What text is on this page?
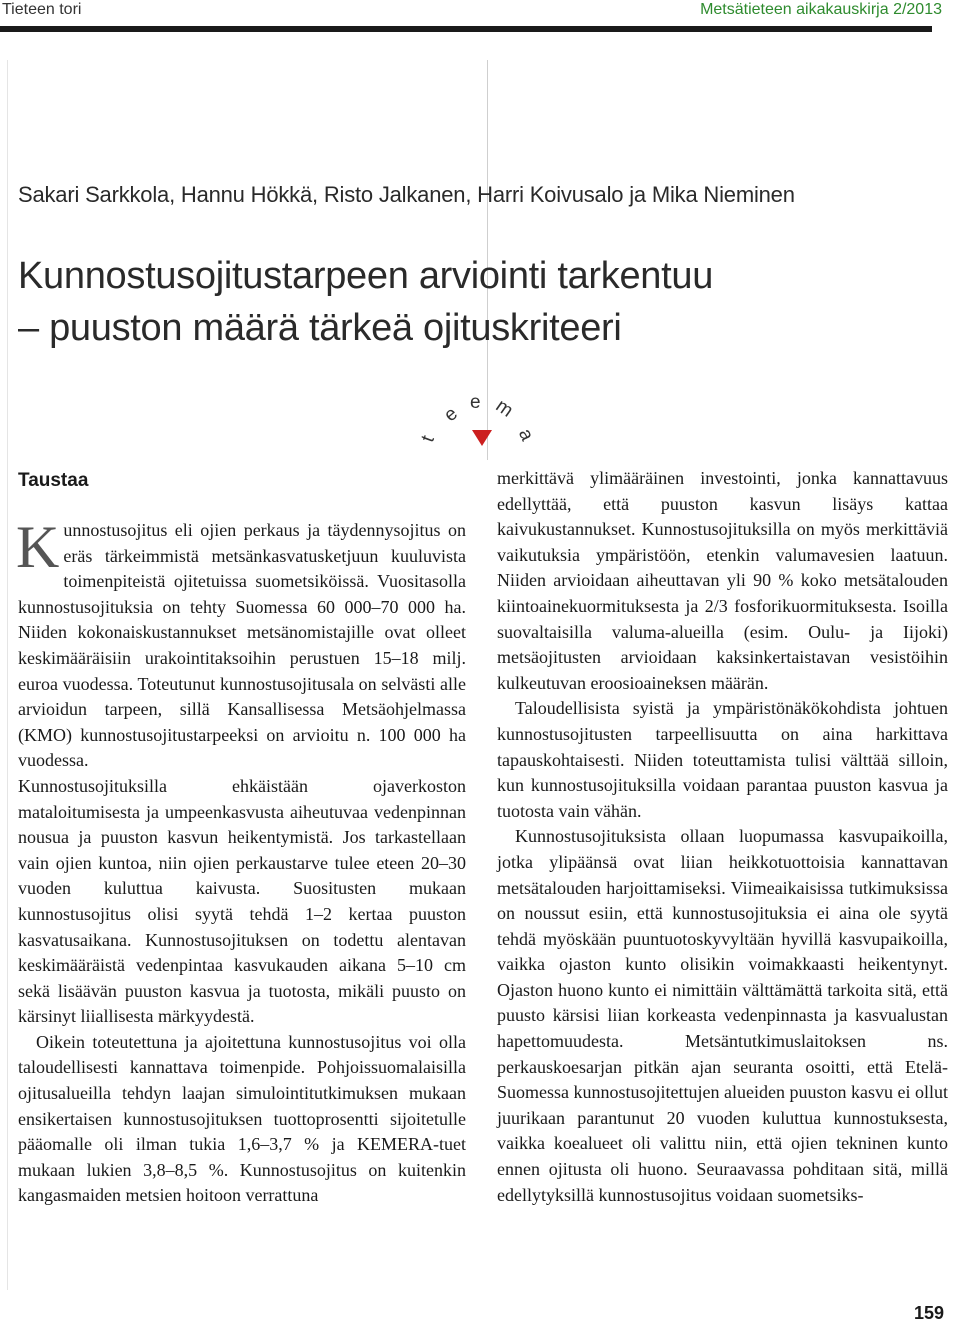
Tieteen tori	Metsätieteen aikakauskirja 2/2013
Sakari Sarkkola, Hannu Hökkä, Risto Jalkanen, Harri Koivusalo ja Mika Nieminen
Kunnostusojitustarpeen arviointi tarkentuu
– puuston määrä tärkeä ojituskriteeri
t
e
e m
a
Taustaa

Kunnostusojitus eli ojien perkaus ja täydennysojitus on eräs tärkeimmistä metsänkasvatusketjuun kuuluvista toimenpiteistä ojitetuissa suometsiköissä. Vuositasolla kunnostusojituksia on tehty Suomessa 60 000–70 000 ha. Niiden kokonaiskustannukset metsänomistajille ovat olleet keskimääräisiin urakointitaksoihin perustuen 15–18 milj. euroa vuodessa. Toteutunut kunnostusojitusala on selvästi alle arvioidun tarpeen, sillä Kansallisessa Metsäohjelmassa (KMO) kunnostusojitustarpeeksi on arvioitu n. 100 000 ha vuodessa.

Kunnostusojituksilla ehkäistään ojaverkoston mataloitumisesta ja umpeenkasvusta aiheutuvaa vedenpinnan nousua ja puuston kasvun heikentymistä. Jos tarkastellaan vain ojien kuntoa, niin ojien perkaustarve tulee eteen 20–30 vuoden kuluttua kaivusta. Suositusten mukaan kunnostusojitus olisi syytä tehdä 1–2 kertaa puuston kasvatusaikana. Kunnostusojituksen on todettu alentavan keskimääräistä vedenpintaa kasvukauden aikana 5–10 cm sekä lisäävän puuston kasvua ja tuotosta, mikäli puusto on kärsinyt liiallisesta märkyydestä.

Oikein toteutettuna ja ajoitettuna kunnostusojitus voi olla taloudellisesti kannattava toimenpide. Pohjoissuomalaisilla ojitusalueilla tehdyn laajan simulointitutkimuksen mukaan ensikertaisen kunnostusojituksen tuottoprosentti sijoitetulle pääomalle oli ilman tukia 1,6–3,7 % ja KEMERA-tuet mukaan lukien 3,8–8,5 %. Kunnostusojitus on kuitenkin kangasmaiden metsien hoitoon verrattuna

merkittävä ylimääräinen investointi, jonka kannattavuus edellyttää, että puuston kasvun lisäys kattaa kaivukustannukset. Kunnostusojituksilla on myös merkittäviä vaikutuksia ympäristöön, etenkin valumavesien laatuun. Niiden arvioidaan aiheuttavan yli 90 % koko metsätalouden kiintoainekuormituksesta ja 2/3 fosforikuormituksesta. Isoilla suovaltaisilla valuma-alueilla (esim. Oulu- ja Iijoki) metsäojitusten arvioidaan kaksinkertaistavan vesistöihin kulkeutuvan eroosioaineksen määrän.

Taloudellisista syistä ja ympäristönäkökohdista johtuen kunnostusojitusten tarpeellisuutta on aina harkittava tapauskohtaisesti. Niiden toteuttamista tulisi välttää silloin, kun kunnostusojituksilla voidaan parantaa puuston kasvua ja tuotosta vain vähän.

Kunnostusojituksista ollaan luopumassa kasvupaikoilla, jotka ylipäänsä ovat liian heikkotuottoisia kannattavan metsätalouden harjoittamiseksi. Viimeaikaisissa tutkimuksissa on noussut esiin, että kunnostusojituksia ei aina ole syytä tehdä myöskään puuntuotoskyvyltään hyvillä kasvupaikoilla, vaikka ojaston kunto olisikin voimakkaasti heikentynyt. Ojaston huono kunto ei nimittäin välttämättä tarkoita sitä, että puusto kärsisi liian korkeasta vedenpinnasta ja kasvualustan hapettomuudesta. Metsäntutkimuslaitoksen ns. perkauskoesarjan pitkän ajan seuranta osoitti, että Etelä-Suomessa kunnostusojitettujen alueiden puuston kasvu ei ollut juurikaan parantunut 20 vuoden kuluttua kunnostuksesta, vaikka koealueet oli valittu niin, että ojien tekninen kunto ennen ojitusta oli huono. Seuraavassa pohditaan sitä, millä edellytyksillä kunnostusojitus voidaan suometsiks-

159
